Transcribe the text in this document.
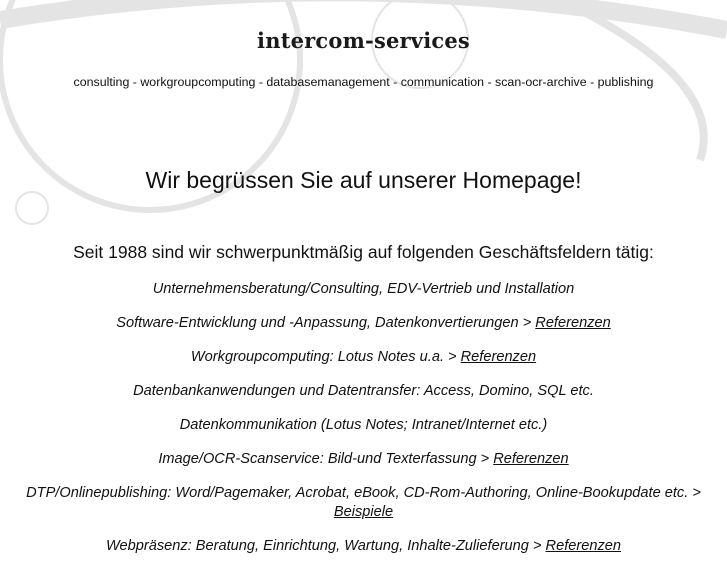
intercom-services
consulting - workgroupcomputing - databasemanagement - communication - scan-ocr-archive - publishing
Wir begrüssen Sie auf unserer Homepage!
Seit 1988 sind wir schwerpunktmäßig auf folgenden Geschäftsfeldern tätig:
Unternehmensberatung/Consulting, EDV-Vertrieb und Installation
Software-Entwicklung und -Anpassung, Datenkonvertierungen > Referenzen
Workgroupcomputing: Lotus Notes u.a. > Referenzen
Datenbankanwendungen und Datentransfer: Access, Domino, SQL etc.
Datenkommunikation (Lotus Notes; Intranet/Internet etc.)
Image/OCR-Scanservice: Bild-und Texterfassung > Referenzen
DTP/Onlinepublishing: Word/Pagemaker, Acrobat, eBook, CD-Rom-Authoring, Online-Bookupdate etc. > Beispiele
Webpräsenz: Beratung, Einrichtung, Wartung, Inhalte-Zulieferung > Referenzen
